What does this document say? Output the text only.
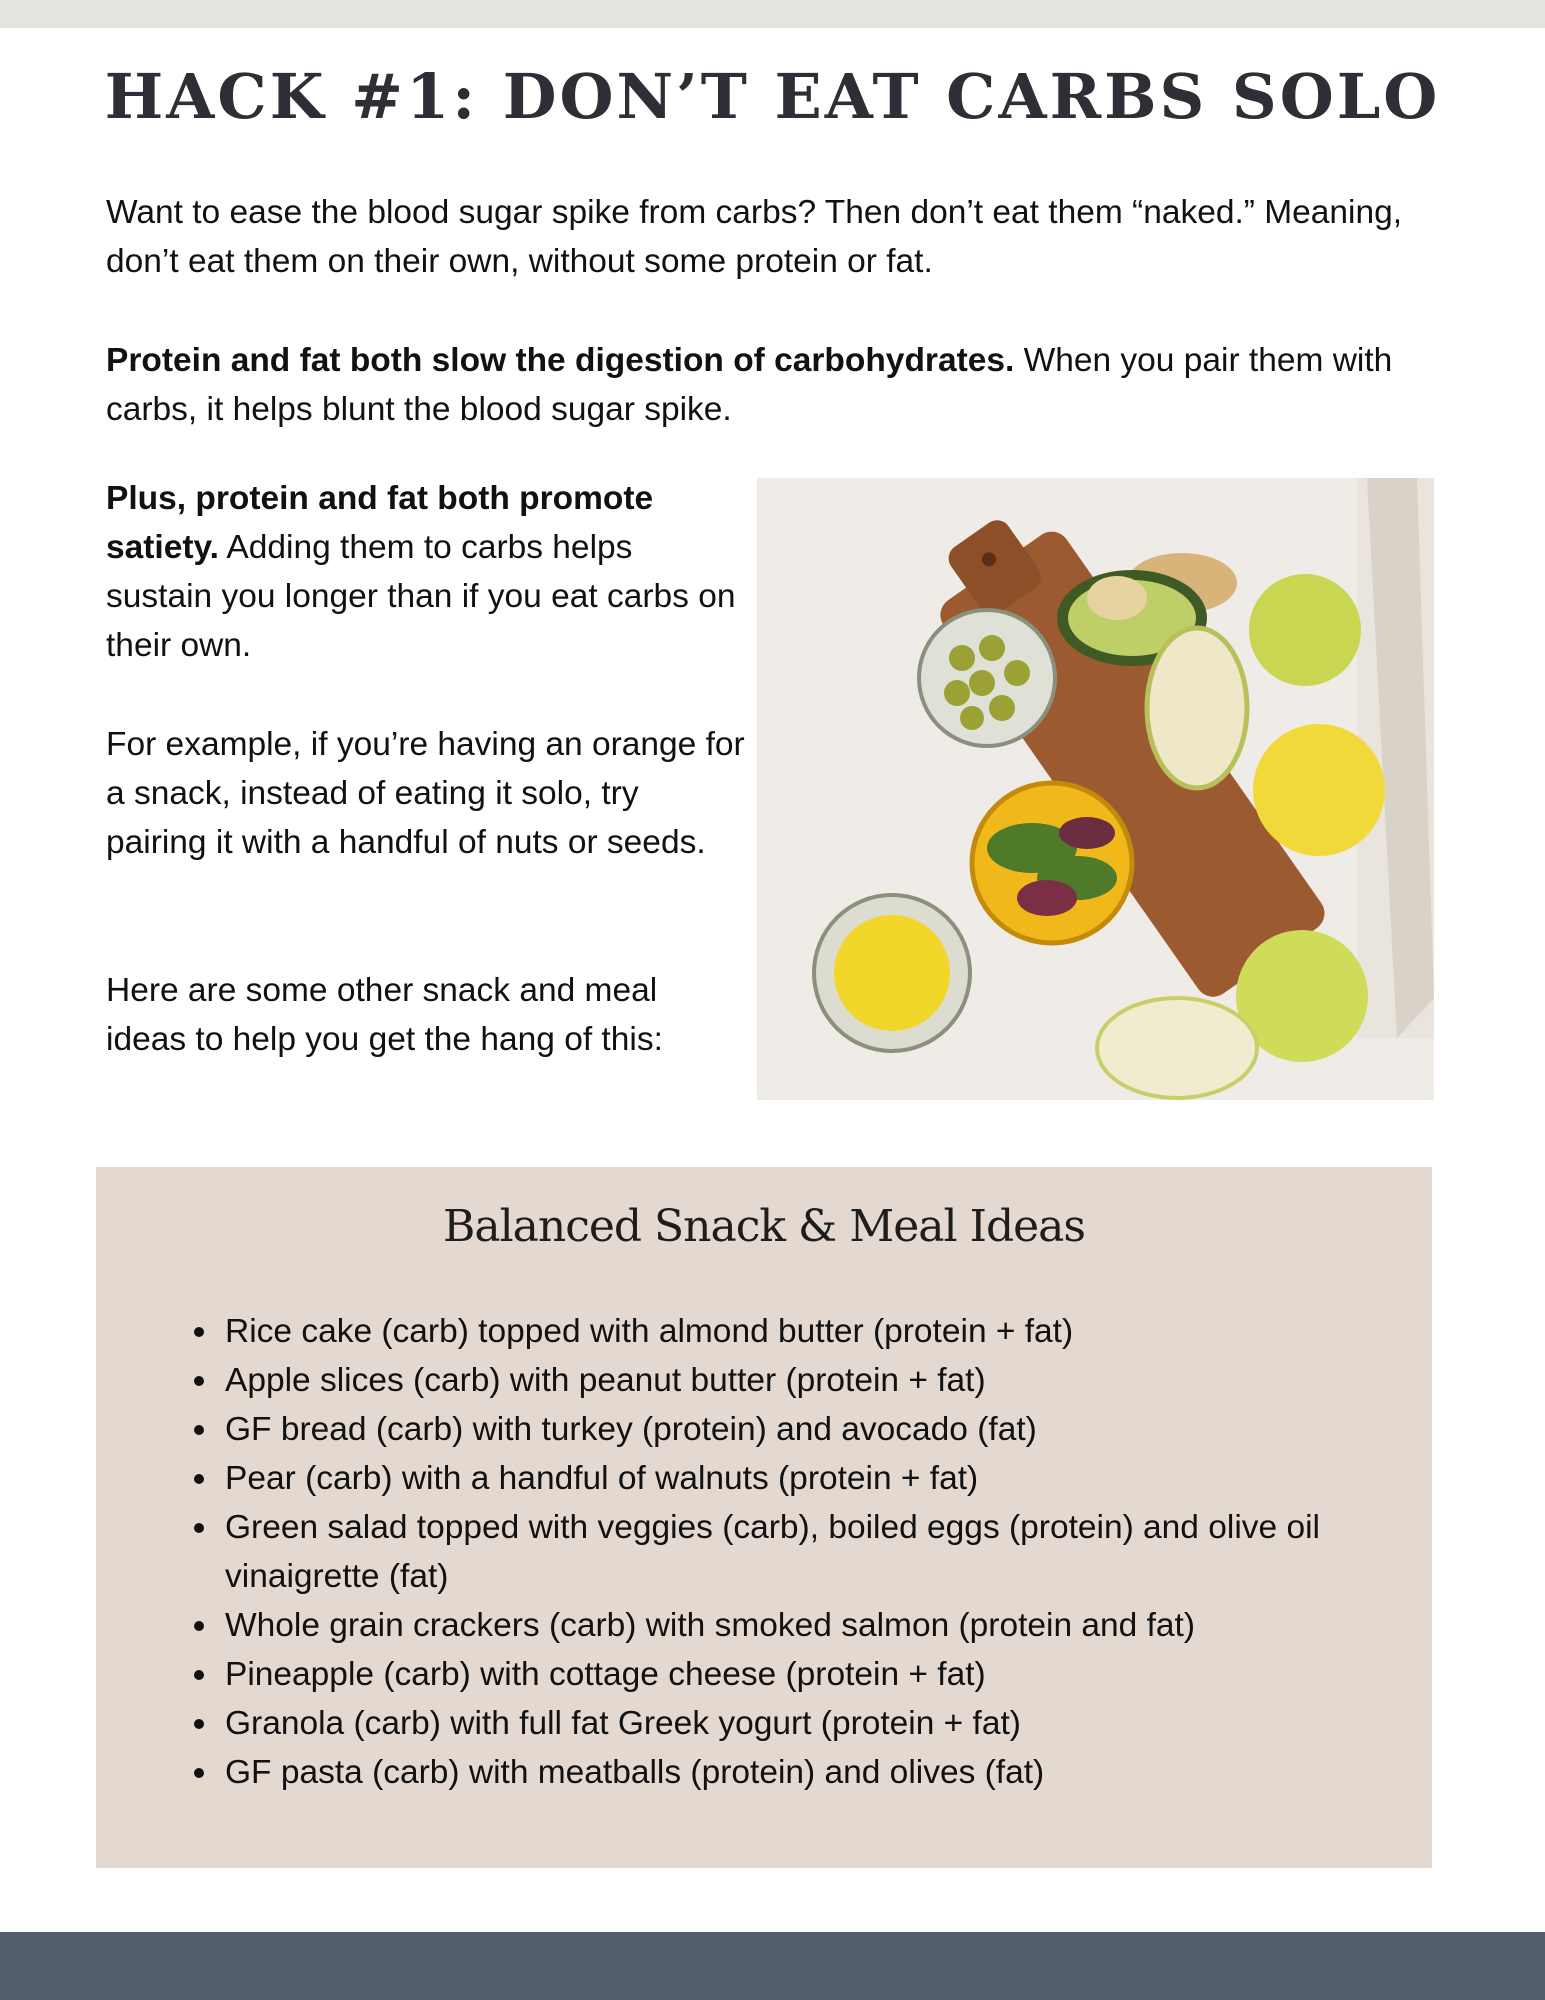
HACK #1: DON’T EAT CARBS SOLO

Want to ease the blood sugar spike from carbs? Then don’t eat them “naked.” Meaning, don’t eat them on their own, without some protein or fat.

Protein and fat both slow the digestion of carbohydrates. When you pair them with carbs, it helps blunt the blood sugar spike.

Plus, protein and fat both promote satiety. Adding them to carbs helps sustain you longer than if you eat carbs on their own.

For example, if you’re having an orange for a snack, instead of eating it solo, try pairing it with a handful of nuts or seeds.

Here are some other snack and meal ideas to help you get the hang of this:

Balanced Snack & Meal Ideas
Rice cake (carb) topped with almond butter (protein + fat)
Apple slices (carb) with peanut butter (protein + fat)
GF bread (carb) with turkey (protein) and avocado (fat)
Pear (carb) with a handful of walnuts (protein + fat)
Green salad topped with veggies (carb), boiled eggs (protein) and olive oil vinaigrette (fat)
Whole grain crackers (carb) with smoked salmon (protein and fat)
Pineapple (carb) with cottage cheese (protein + fat)
Granola (carb) with full fat Greek yogurt (protein + fat)
GF pasta (carb) with meatballs (protein) and olives (fat)
